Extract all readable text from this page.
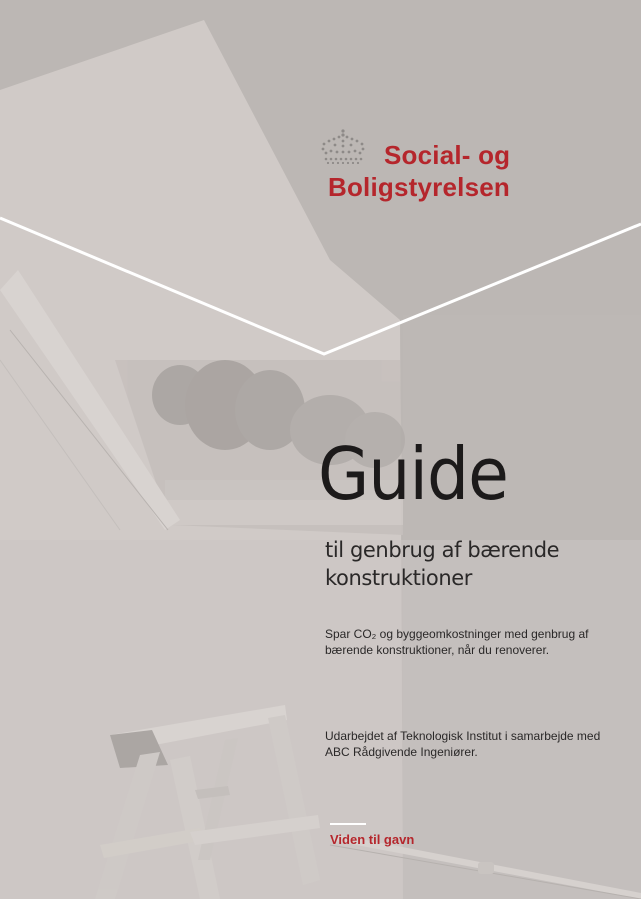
Social- og
Boligstyrelsen
Guide
til genbrug af bærende konstruktioner
Spar CO₂ og byggeomkostninger med genbrug af bærende konstruktioner, når du renoverer.
Udarbejdet af Teknologisk Institut i samarbejde med ABC Rådgivende Ingeniører.
Viden til gavn
